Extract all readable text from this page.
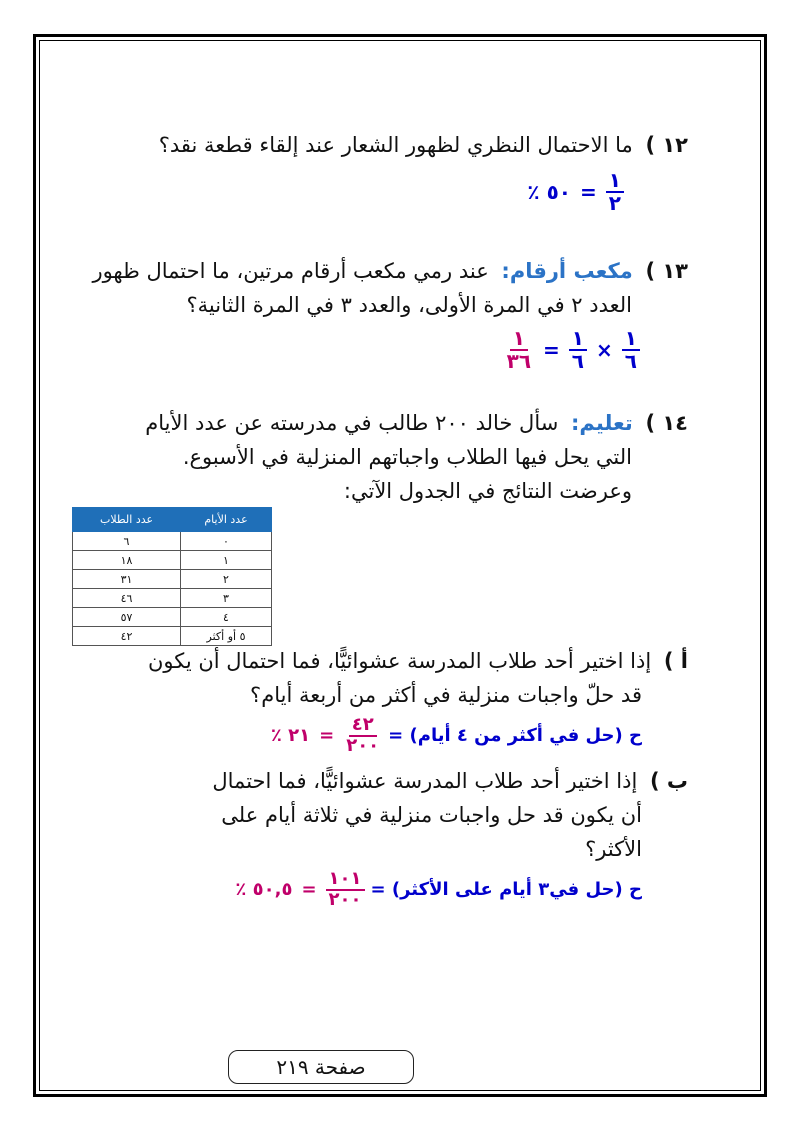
١٢ ) ما الاحتمال النظري لظهور الشعار عند إلقاء قطعة نقد؟
$\frac{١}{٢}$
=
٥٠ ٪
١٣ ) مكعب أرقام: عند رمي مكعب أرقام مرتين، ما احتمال ظهور
العدد ٢ في المرة الأولى، والعدد ٣ في المرة الثانية؟
$\frac{١}{٦}$
×
$\frac{١}{٦}$
=
$\frac{١}{٣٦}$
١٤ ) تعليم: سأل خالد ٢٠٠ طالب في مدرسته عن عدد الأيام
التي يحل فيها الطلاب واجباتهم المنزلية في الأسبوع.
وعرضت النتائج في الجدول الآتي:
أ ) إذا اختير أحد طلاب المدرسة عشوائيًّا، فما احتمال أن يكون
قد حلّ واجبات منزلية في أكثر من أربعة أيام؟
ح (حل في أكثر من ٤ أيام) =
$\frac{٤٢}{٢٠٠}$
=
٢١ ٪
ب ) إذا اختير أحد طلاب المدرسة عشوائيًّا، فما احتمال
أن يكون قد حل واجبات منزلية في ثلاثة أيام على
الأكثر؟
ح (حل في٣ أيام على الأكثر) =
$\frac{١٠١}{٢٠٠}$
=
٥٠,٥ ٪
عدد الأيام	عدد الطلاب
٠	٦
١	١٨
٢	٣١
٣	٤٦
٤	٥٧
٥ أو أكثر	٤٢
صفحة ٢١٩
